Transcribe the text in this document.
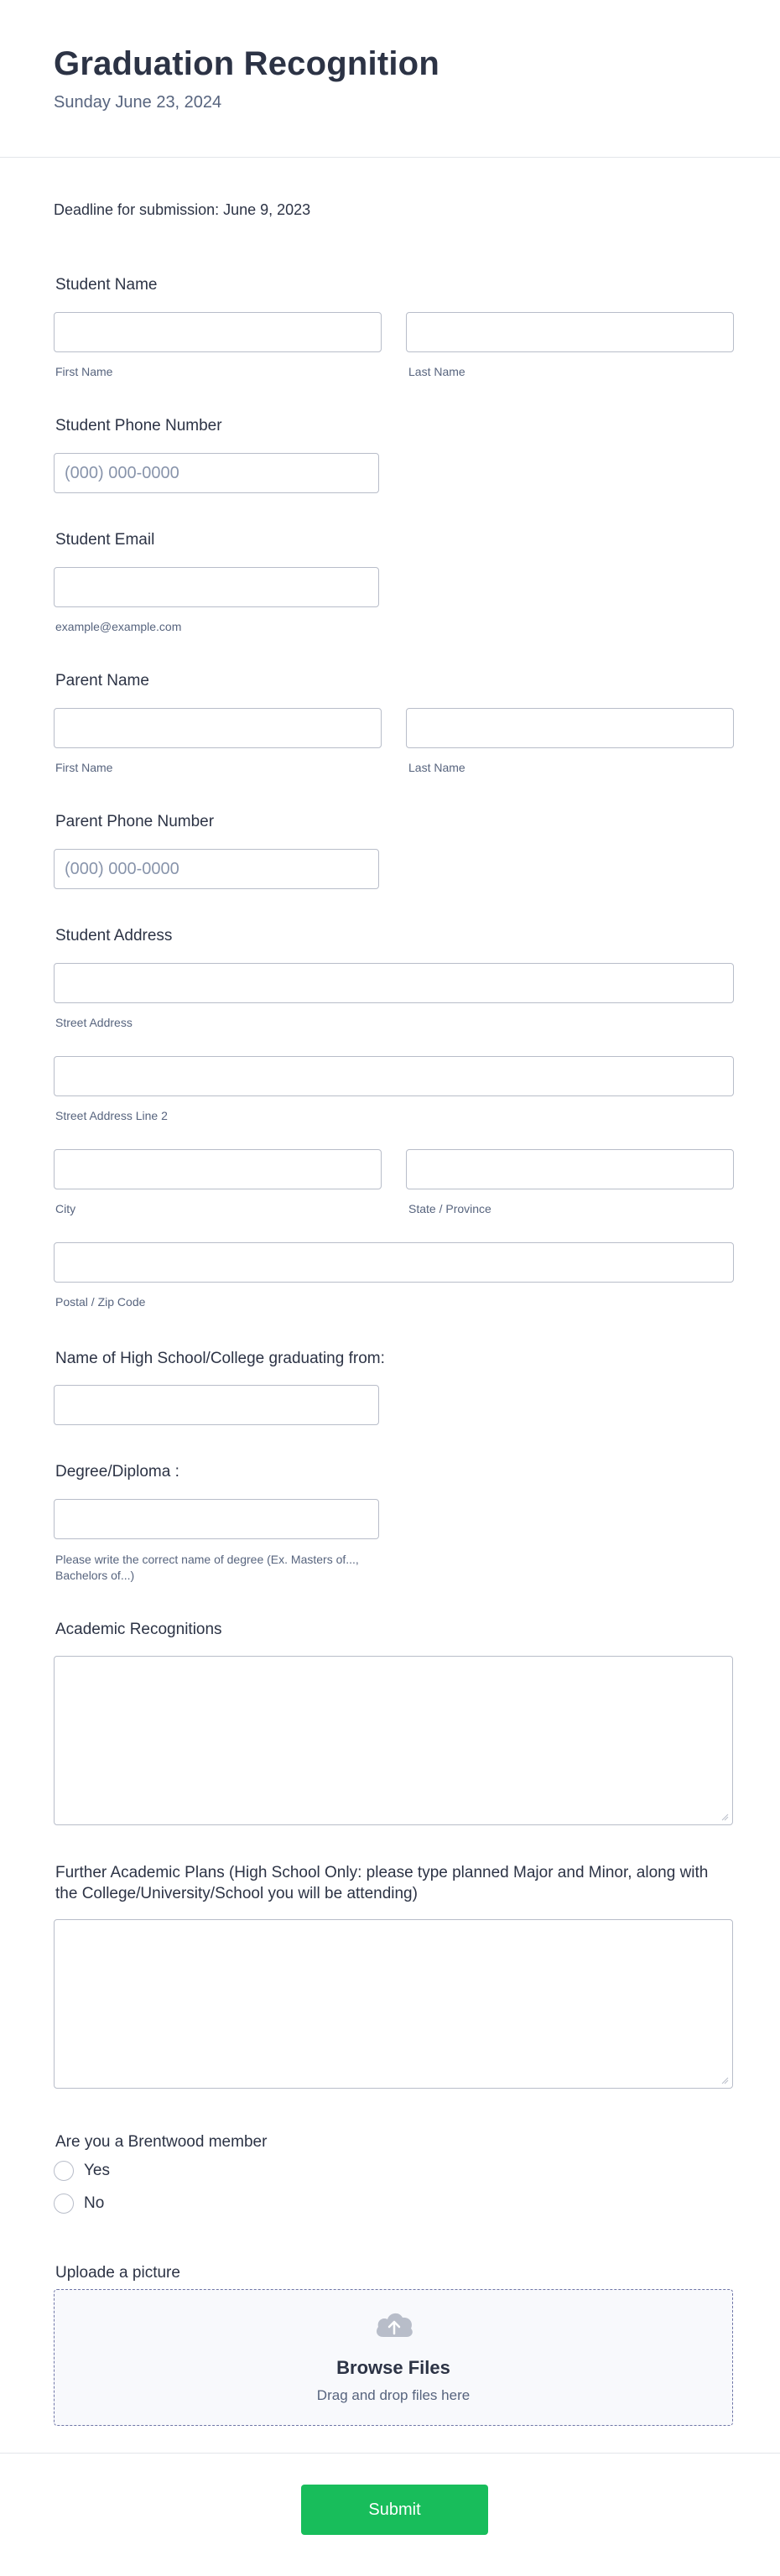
Graduation Recognition
Sunday June 23, 2024
Deadline for submission: June 9, 2023
Student Name
First Name	Last Name
Student Phone Number
(000) 000-0000
Student Email
example@example.com
Parent Name
First Name	Last Name
Parent Phone Number
(000) 000-0000
Student Address
Street Address
Street Address Line 2
City	State / Province
Postal / Zip Code
Name of High School/College graduating from:
Degree/Diploma :
Please write the correct name of degree (Ex. Masters of..., Bachelors of...)
Academic Recognitions
Further Academic Plans (High School Only: please type planned Major and Minor, along with the College/University/School you will be attending)
Are you a Brentwood member
Yes
No
Uploade a picture
Browse Files
Drag and drop files here
Submit
